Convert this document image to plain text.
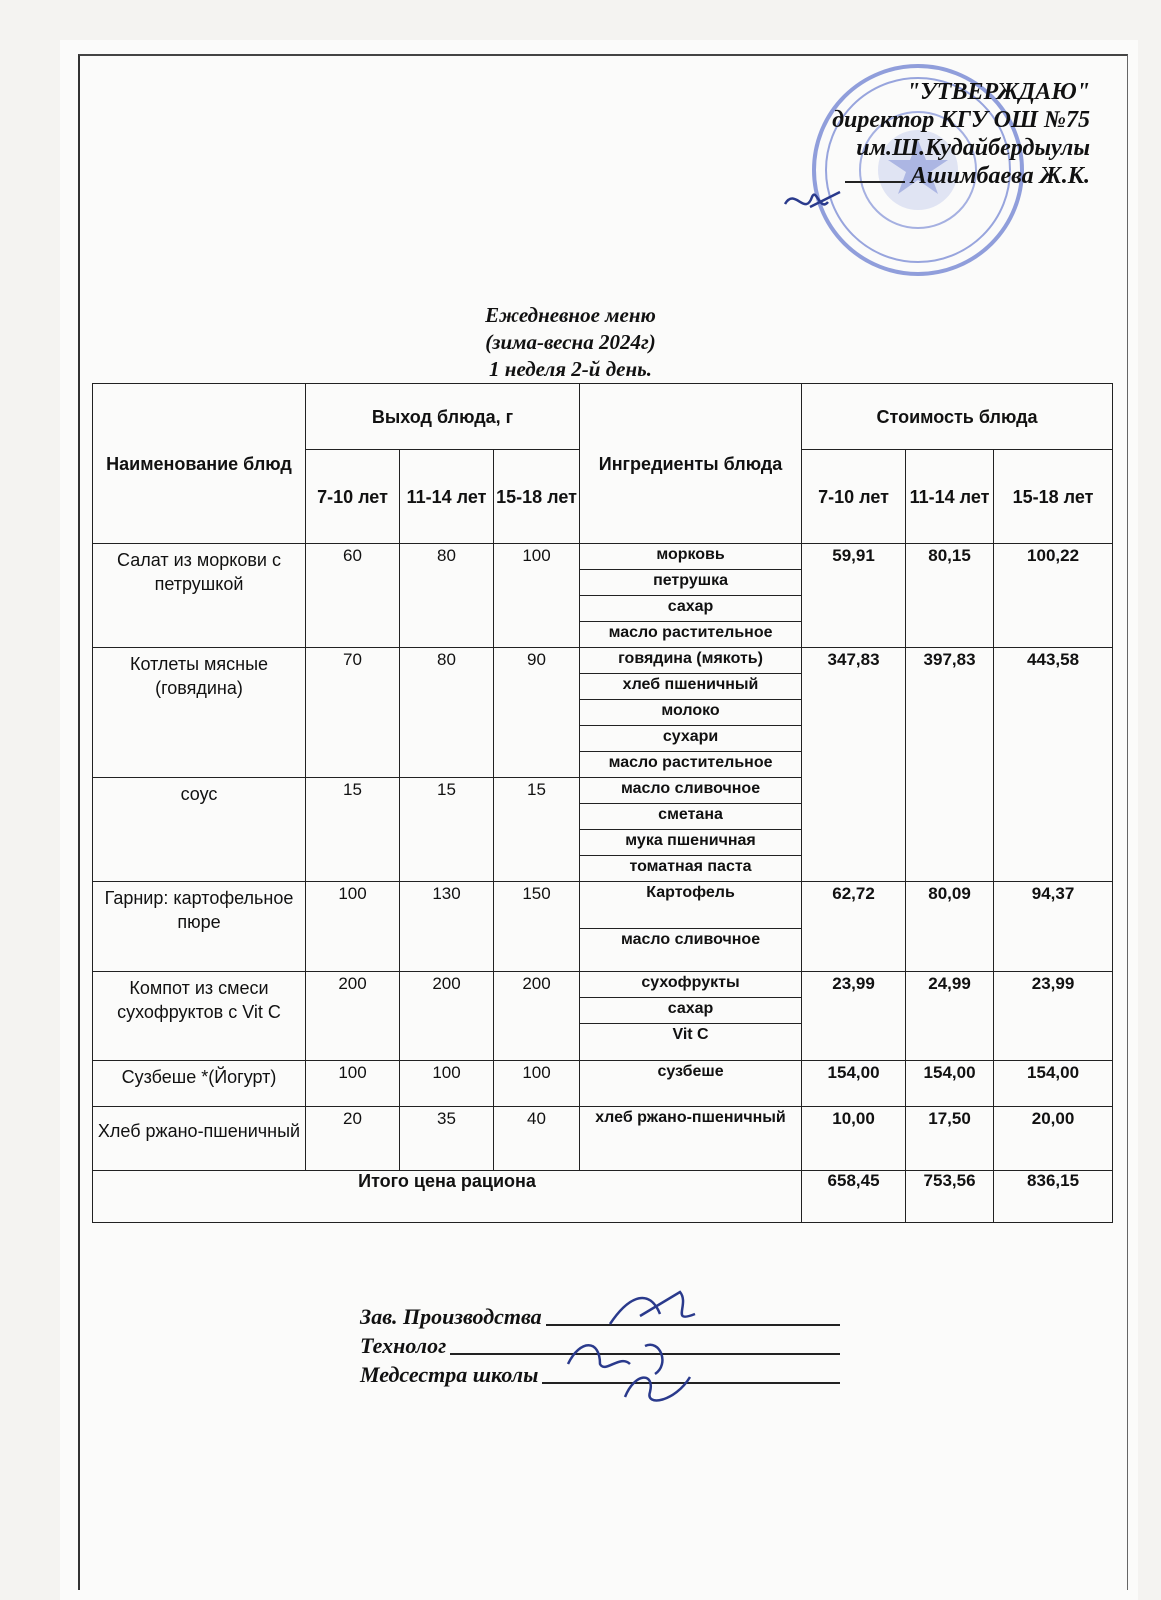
"УТВЕРЖДАЮ"
директор КГУ ОШ №75
им.Ш.Кудайбердыулы
Ашимбаева Ж.К.
Ежедневное меню
(зима-весна 2024г)
1 неделя 2-й день.
Наименование блюд	Выход блюда, г			Ингредиенты блюда	Стоимость блюда		
	7-10 лет	11-14 лет	15-18 лет		7-10 лет	11-14 лет	15-18 лет
Салат из моркови с петрушкой	60	80	100	морковь	59,91	80,15	100,22
				петрушка			
				сахар			
				масло растительное			
Котлеты мясные (говядина)	70	80	90	говядина (мякоть)	347,83	397,83	443,58
				хлеб пшеничный			
				молоко			
				сухари			
				масло растительное			
соус	15	15	15	масло сливочное			
				сметана			
				мука пшеничная			
				томатная паста			
Гарнир: картофельное пюре	100	130	150	Картофель	62,72	80,09	94,37
				масло сливочное			
Компот из смеси сухофруктов с Vit C	200	200	200	сухофрукты	23,99	24,99	23,99
				сахар			
				Vit C			
Сузбеше *(Йогурт)	100	100	100	сузбеше	154,00	154,00	154,00
Хлеб ржано-пшеничный	20	35	40	хлеб ржано-пшеничный	10,00	17,50	20,00
Итого цена рациона					658,45	753,56	836,15
Зав. Производства
Технолог
Медсестра школы
